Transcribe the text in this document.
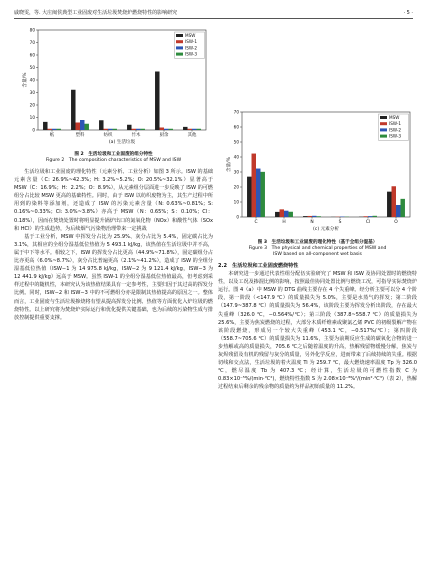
戚晓雯，等. 大庄闽侯典型工业固废对生活垃圾焚烧炉燃烧特性的影响研究	· 5 ·
0
10
20
30
40
50
60
70
80
含量/%
纸	塑料	纺织	竹木	厨余	其他
MSW
ISW-1
ISW-2
ISW-3
(a) 生活垃圾
0
10
20
30
40
50
60
70
含量/%
C	H	N	S	Cl	O
MSW
ISW-1
ISW-2
ISW-3
(c) 元素分析
图 2　生活垃圾和工业固废的组分特性
Figure 2　The composition characteristics of MSW and ISW

生活垃圾和工业固废的理化特性（元素分析、工业分析）如图 3 所示。ISW 的基础元素含量（C: 26.9%~42.3%；H: 3.2%~5.2%；O: 20.5%~32.1%）显著高于 MSW（C：16.9%；H：2.2%；O：8.9%），从元素组分层面进一步反映了 ISW 的可燃组分占比较 MSW 更高的基础特性。同时，由于 ISW 以纺织废物为主，其生产过程中所用到的染料等添加剂，还造成了 ISW 的污染元素含量（N: 0.63%~0.81%；S: 0.16%~0.33%；Cl: 3.0%~3.8%）亦高于 MSW（N：0.65%；S：0.10%；Cl：0.18%），因而在焚烧处置时将明显提升锅炉出口的氮氧化物（NOx）和酸性气体（SOx 和 HCl）的生成趋势，为后续烟气污染物治理带来一定挑战

基于工业分析，MSW 中挥发分占比为 25.9%、灰分占比为 5.4%，固定碳占比为 3.1%，其相应的全组分湿基低位热值为 5 493.1 kJ/kg，该热值在生活垃圾中并不高，属于中下等水平。相较之下，ISW 的挥发分占比更高（44.9%~71.8%），固定碳组分占比亦更高（6.0%~8.7%），灰分占比普遍更高（2.1%~41.2%），造成了 ISW 的全组分湿基低位热值（ISW−1 为 14 975.8 kJ/kg，ISW−2 为 9 121.4 kJ/kg，ISW−3 为 12 441.9 kJ/kg）远高于 MSW。虽然 ISW-1 的全组分湿基低位热值最高，但考虑到采样过程中的随机性，本研究认为该热值结果具有一定参考性，主要归因于其过高的挥发分比例。同时，ISW−2 和 ISW−3 中的不可燃组分亦是限制其热值提高的原因之一。整体而言，工业固废与生活垃圾掺烧将有望从提高挥发分比例、热值等方面优化入炉垃圾的燃烧特性。以上研究将为焚烧炉实际运行和优化提供关键基础，也为后续的污染物生成与排放控制提供重要支撑。

图 3　生活垃圾和工业固废的理化特性（基于全组分湿基）
Figure 3　The physical and chemical properties of MSW and
ISW based on all-component wet basis

2.2　生活垃圾和工业固废燃烧特性

本研究进一步通过代表性组分配伍实验研究了 MSW 和 ISW 及协同处置时的燃烧特性，以及工况及掺混比例的影响，按照最佳协同处置比例与燃烧工况，可指导实际焚烧炉运行。图 4（a）中 MSW 的 DTG 曲线主要存在 4 个失重峰。经分析主要可以分 4 个阶段，第一阶段（<147.9 ℃）的质量损失为 5.0%，主要是水蒸气的挥发；第二阶段（147.9~387.8 ℃）的质量损失为 56.4%，该阶段主要为挥发分析出阶段，存在最大失重峰（326.0 ℃，−0.564%/℃）；第三阶段（387.8~558.7 ℃）的质量损失为 25.6%，主要为焦炭燃烧的过程，大部分木质纤维素或聚氯乙烯 PVC 的初级裂解产物在该阶段燃烧，形成另一个较大失重峰（453.1 ℃，−0.517%/℃）；第四阶段（558.7~705.6 ℃）的质量损失为 11.6%，主要为前期反应生成的碳氧化合物的进一步热解或高的质量损失，705.6 ℃之后随着温度的升高，热解残留物缓慢分解，焦炭与灰烬残留及有机的残留与灰分的质量，另外化学反应，进而带来了后续持续的失重。根据切线和交点法，生活垃圾的着火温度 Ti 为 259.7 ℃，最大燃烧速率温度 Tp 为 326.0 ℃，燃尽温度 Tb 为 407.3 ℃；经计算，生活垃圾的可燃性指数 C 为 0.83×10⁻⁵%/(min·℃²)，燃烧特性指数 S 为 2.08×10⁻⁸%²/(min²·℃³)（表 2），热解过程结束后剩余的残余物的质量约为样品初始质量的 11.2%。
